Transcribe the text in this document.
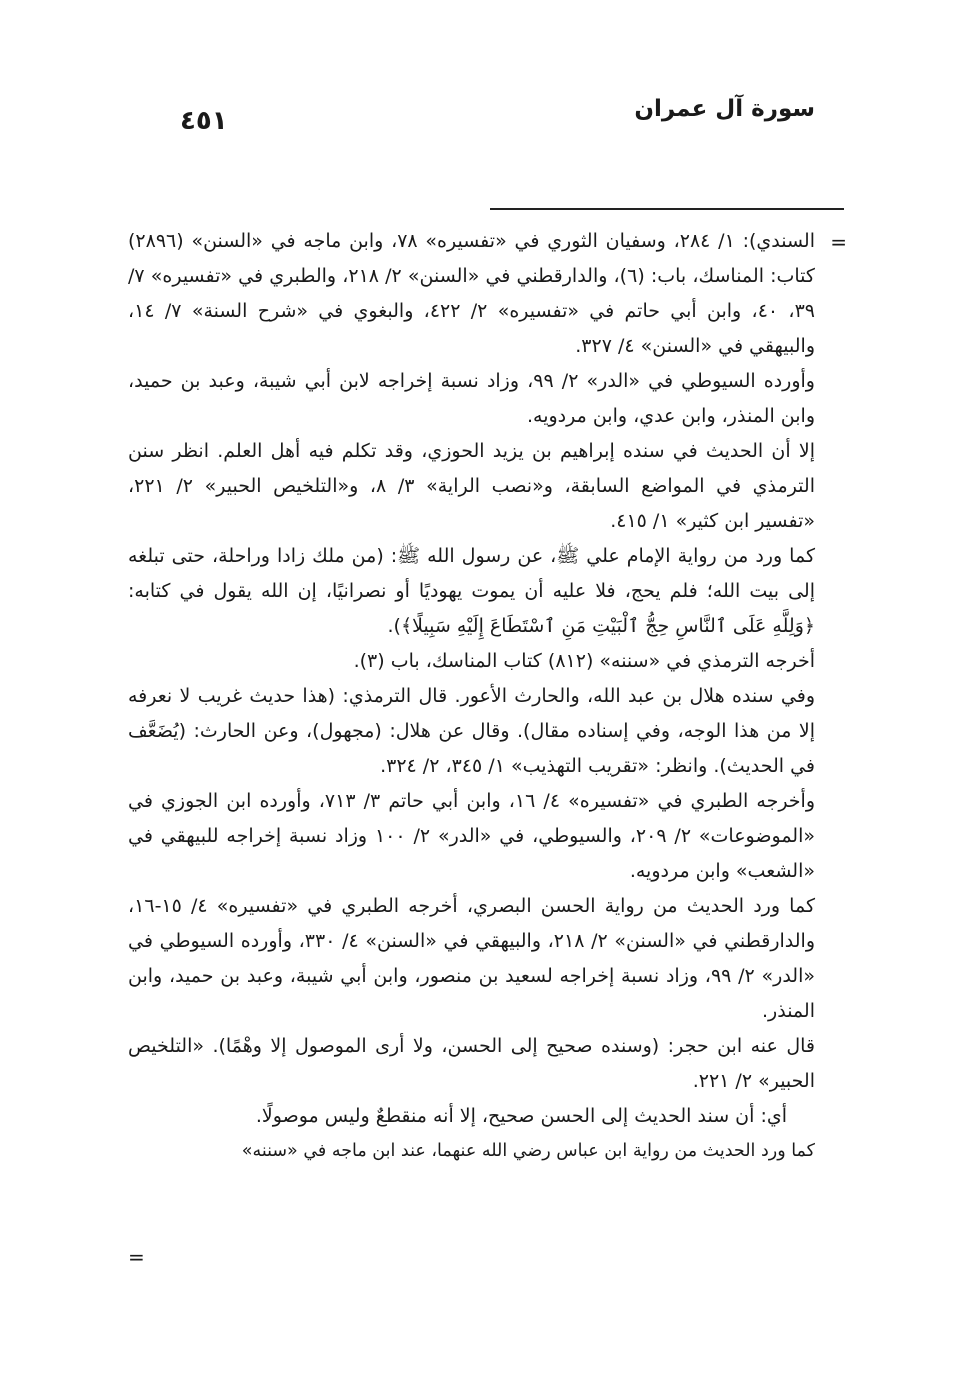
سورة آل عمران
٤٥١
=

السندي): ١/ ٢٨٤، وسفيان الثوري في «تفسيره» ٧٨، وابن ماجه في «السنن» (٢٨٩٦) كتاب: المناسك، باب: (٦)، والدارقطني في «السنن» ٢/ ٢١٨، والطبري في «تفسيره» ٧/ ٣٩، ٤٠، وابن أبي حاتم في «تفسيره» ٢/ ٤٢٢، والبغوي في «شرح السنة» ٧/ ١٤، والبيهقي في «السنن» ٤/ ٣٢٧.

وأورده السيوطي في «الدر» ٢/ ٩٩، وزاد نسبة إخراجه لابن أبي شيبة، وعبد بن حميد، وابن المنذر، وابن عدي، وابن مردويه.

إلا أن الحديث في سنده إبراهيم بن يزيد الحوزي، وقد تكلم فيه أهل العلم. انظر سنن الترمذي في المواضع السابقة، و«نصب الراية» ٣/ ٨، و«التلخيص الحبير» ٢/ ٢٢١، «تفسير ابن كثير» ١/ ٤١٥.

كما ورد من رواية الإمام علي ﷺ، عن رسول الله ﷺ: (من ملك زادا وراحلة، حتى تبلغه إلى بيت الله؛ فلم يحج، فلا عليه أن يموت يهوديًا أو نصرانيًا، إن الله يقول في كتابه: ﴿وَلِلَّهِ عَلَى ٱلنَّاسِ حِجُّ ٱلْبَيْتِ مَنِ ٱسْتَطَاعَ إِلَيْهِ سَبِيلًا﴾).

أخرجه الترمذي في «سننه» (٨١٢) كتاب المناسك، باب (٣).

وفي سنده هلال بن عبد الله، والحارث الأعور. قال الترمذي: (هذا حديث غريب لا نعرفه إلا من هذا الوجه، وفي إسناده مقال). وقال عن هلال: (مجهول)، وعن الحارث: (يُضَعَّف في الحديث). وانظر: «تقريب التهذيب» ١/ ٣٤٥، ٢/ ٣٢٤.

وأخرجه الطبري في «تفسيره» ٤/ ١٦، وابن أبي حاتم ٣/ ٧١٣، وأورده ابن الجوزي في «الموضوعات» ٢/ ٢٠٩، والسيوطي، في «الدر» ٢/ ١٠٠ وزاد نسبة إخراجه للبيهقي في «الشعب» وابن مردويه.

كما ورد الحديث من رواية الحسن البصري، أخرجه الطبري في «تفسيره» ٤/ ١٥-١٦، والدارقطني في «السنن» ٢/ ٢١٨، والبيهقي في «السنن» ٤/ ٣٣٠، وأورده السيوطي في «الدر» ٢/ ٩٩، وزاد نسبة إخراجه لسعيد بن منصور، وابن أبي شيبة، وعبد بن حميد، وابن المنذر.

قال عنه ابن حجر: (وسنده صحيح إلى الحسن، ولا أرى الموصول إلا وهْمًا). «التلخيص الحبير» ٢/ ٢٢١.

أي: أن سند الحديث إلى الحسن صحيح، إلا أنه منقطعٌ وليس موصولًا.

كما ورد الحديث من رواية ابن عباس رضي الله عنهما، عند ابن ماجه في «سننه»

=
